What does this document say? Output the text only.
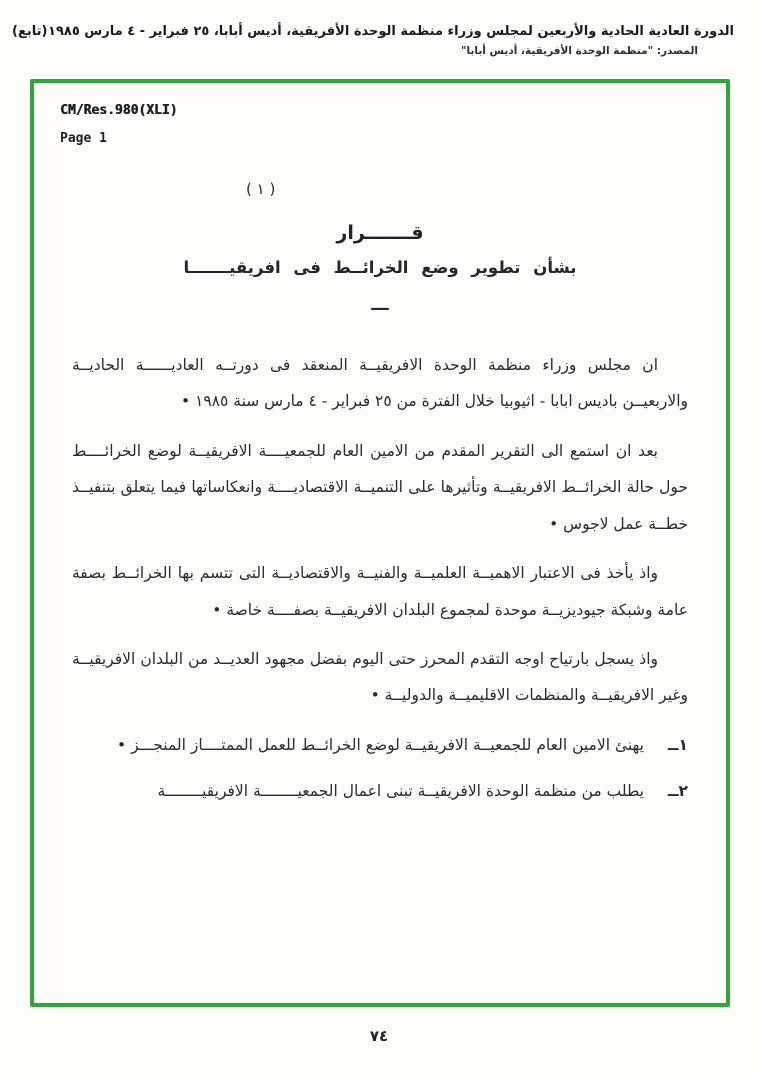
الدورة العادية الحادية والأربعين لمجلس وزراء منظمة الوحدة الأفريقية، أديس أبابا، ٢٥ فبراير - ٤ مارس ١٩٨٥
(تابع)
المصدر: "منظمة الوحدة الأفريقية، أديس أبابا"
CM/Res.980(XLI)
Page 1
( ١ )
قـــــــرار
بشأن تطوير وضع الخرائــط فى افريقيـــــــا
ـــ

ان مجلس وزراء منظمة الوحدة الافريقيــة المنعقد فى دورتــه العاديــــــة الحاديــة والاربعيــن باديس ابابا - اثيوبيا خلال الفترة من ٢٥ فبراير - ٤ مارس سنة ١٩٨٥ •

بعد ان استمع الى التقرير المقدم من الامين العام للجمعيــــة الافريقيــة لوضع الخرائــــط حول حالة الخرائــط الافريقيــة وتأثيرها على التنميــة الاقتصاديــــة وانعكاساتها فيما يتعلق بتنفيــذ خطــة عمل لاجوس •

واذ يأخذ فى الاعتبار الاهميــة العلميــة والفنيــة والاقتصاديــة التى تتسم بها الخرائــط بصفة عامة وشبكة جيوديزيــة موحدة لمجموع البلدان الافريقيــة بصفــــة خاصة •

واذ يسجل بارتياح اوجه التقدم المحرز حتى اليوم بفضل مجهود العديــد من البلدان الافريقيــة وغير الافريقيــة والمنظمات الاقليميــة والدوليــة •

١ــ
يهنئ الامين العام للجمعيــة الافريقيــة لوضع الخرائــط للعمل الممتــــاز المنجـــز •
٢ــ
يطلب من منظمة الوحدة الافريقيــة تبنى اعمال الجمعيــــــــة الافريقيــــــــة
٧٤
